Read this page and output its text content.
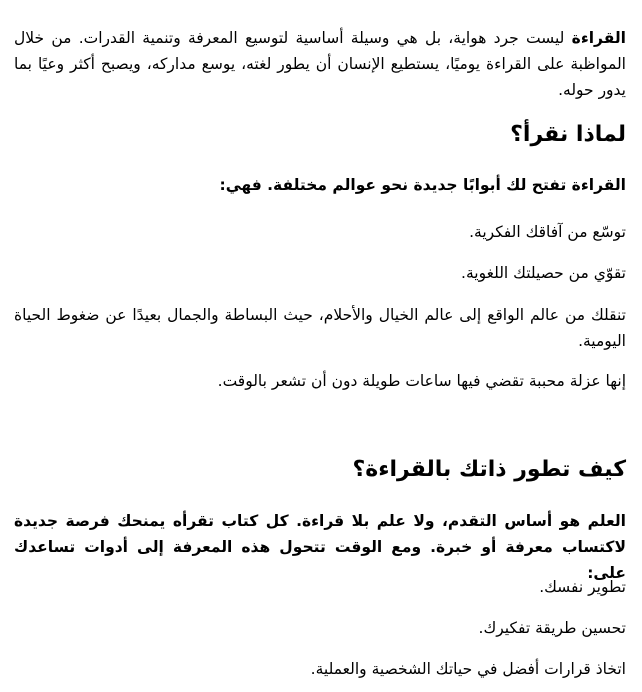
القراءة ليست جرد هواية، بل هي وسيلة أساسية لتوسيع المعرفة وتنمية القدرات. من خلال المواظبة على القراءة يوميًا، يستطيع الإنسان أن يطور لغته، يوسع مداركه، ويصبح أكثر وعيًا بما يدور حوله.

لماذا نقرأ؟

القراءة تفتح لك أبوابًا جديدة نحو عوالم مختلفة. فهي:

توسّع من آفاقك الفكرية.

تقوّي من حصيلتك اللغوية.

تنقلك من عالم الواقع إلى عالم الخيال والأحلام، حيث البساطة والجمال بعيدًا عن ضغوط الحياة اليومية.

إنها عزلة محببة تقضي فيها ساعات طويلة دون أن تشعر بالوقت.

كيف تطور ذاتك بالقراءة؟

العلم هو أساس التقدم، ولا علم بلا قراءة. كل كتاب تقرأه يمنحك فرصة جديدة لاكتساب معرفة أو خبرة. ومع الوقت تتحول هذه المعرفة إلى أدوات تساعدك على:

تطوير نفسك.

تحسين طريقة تفكيرك.

اتخاذ قرارات أفضل في حياتك الشخصية والعملية.
